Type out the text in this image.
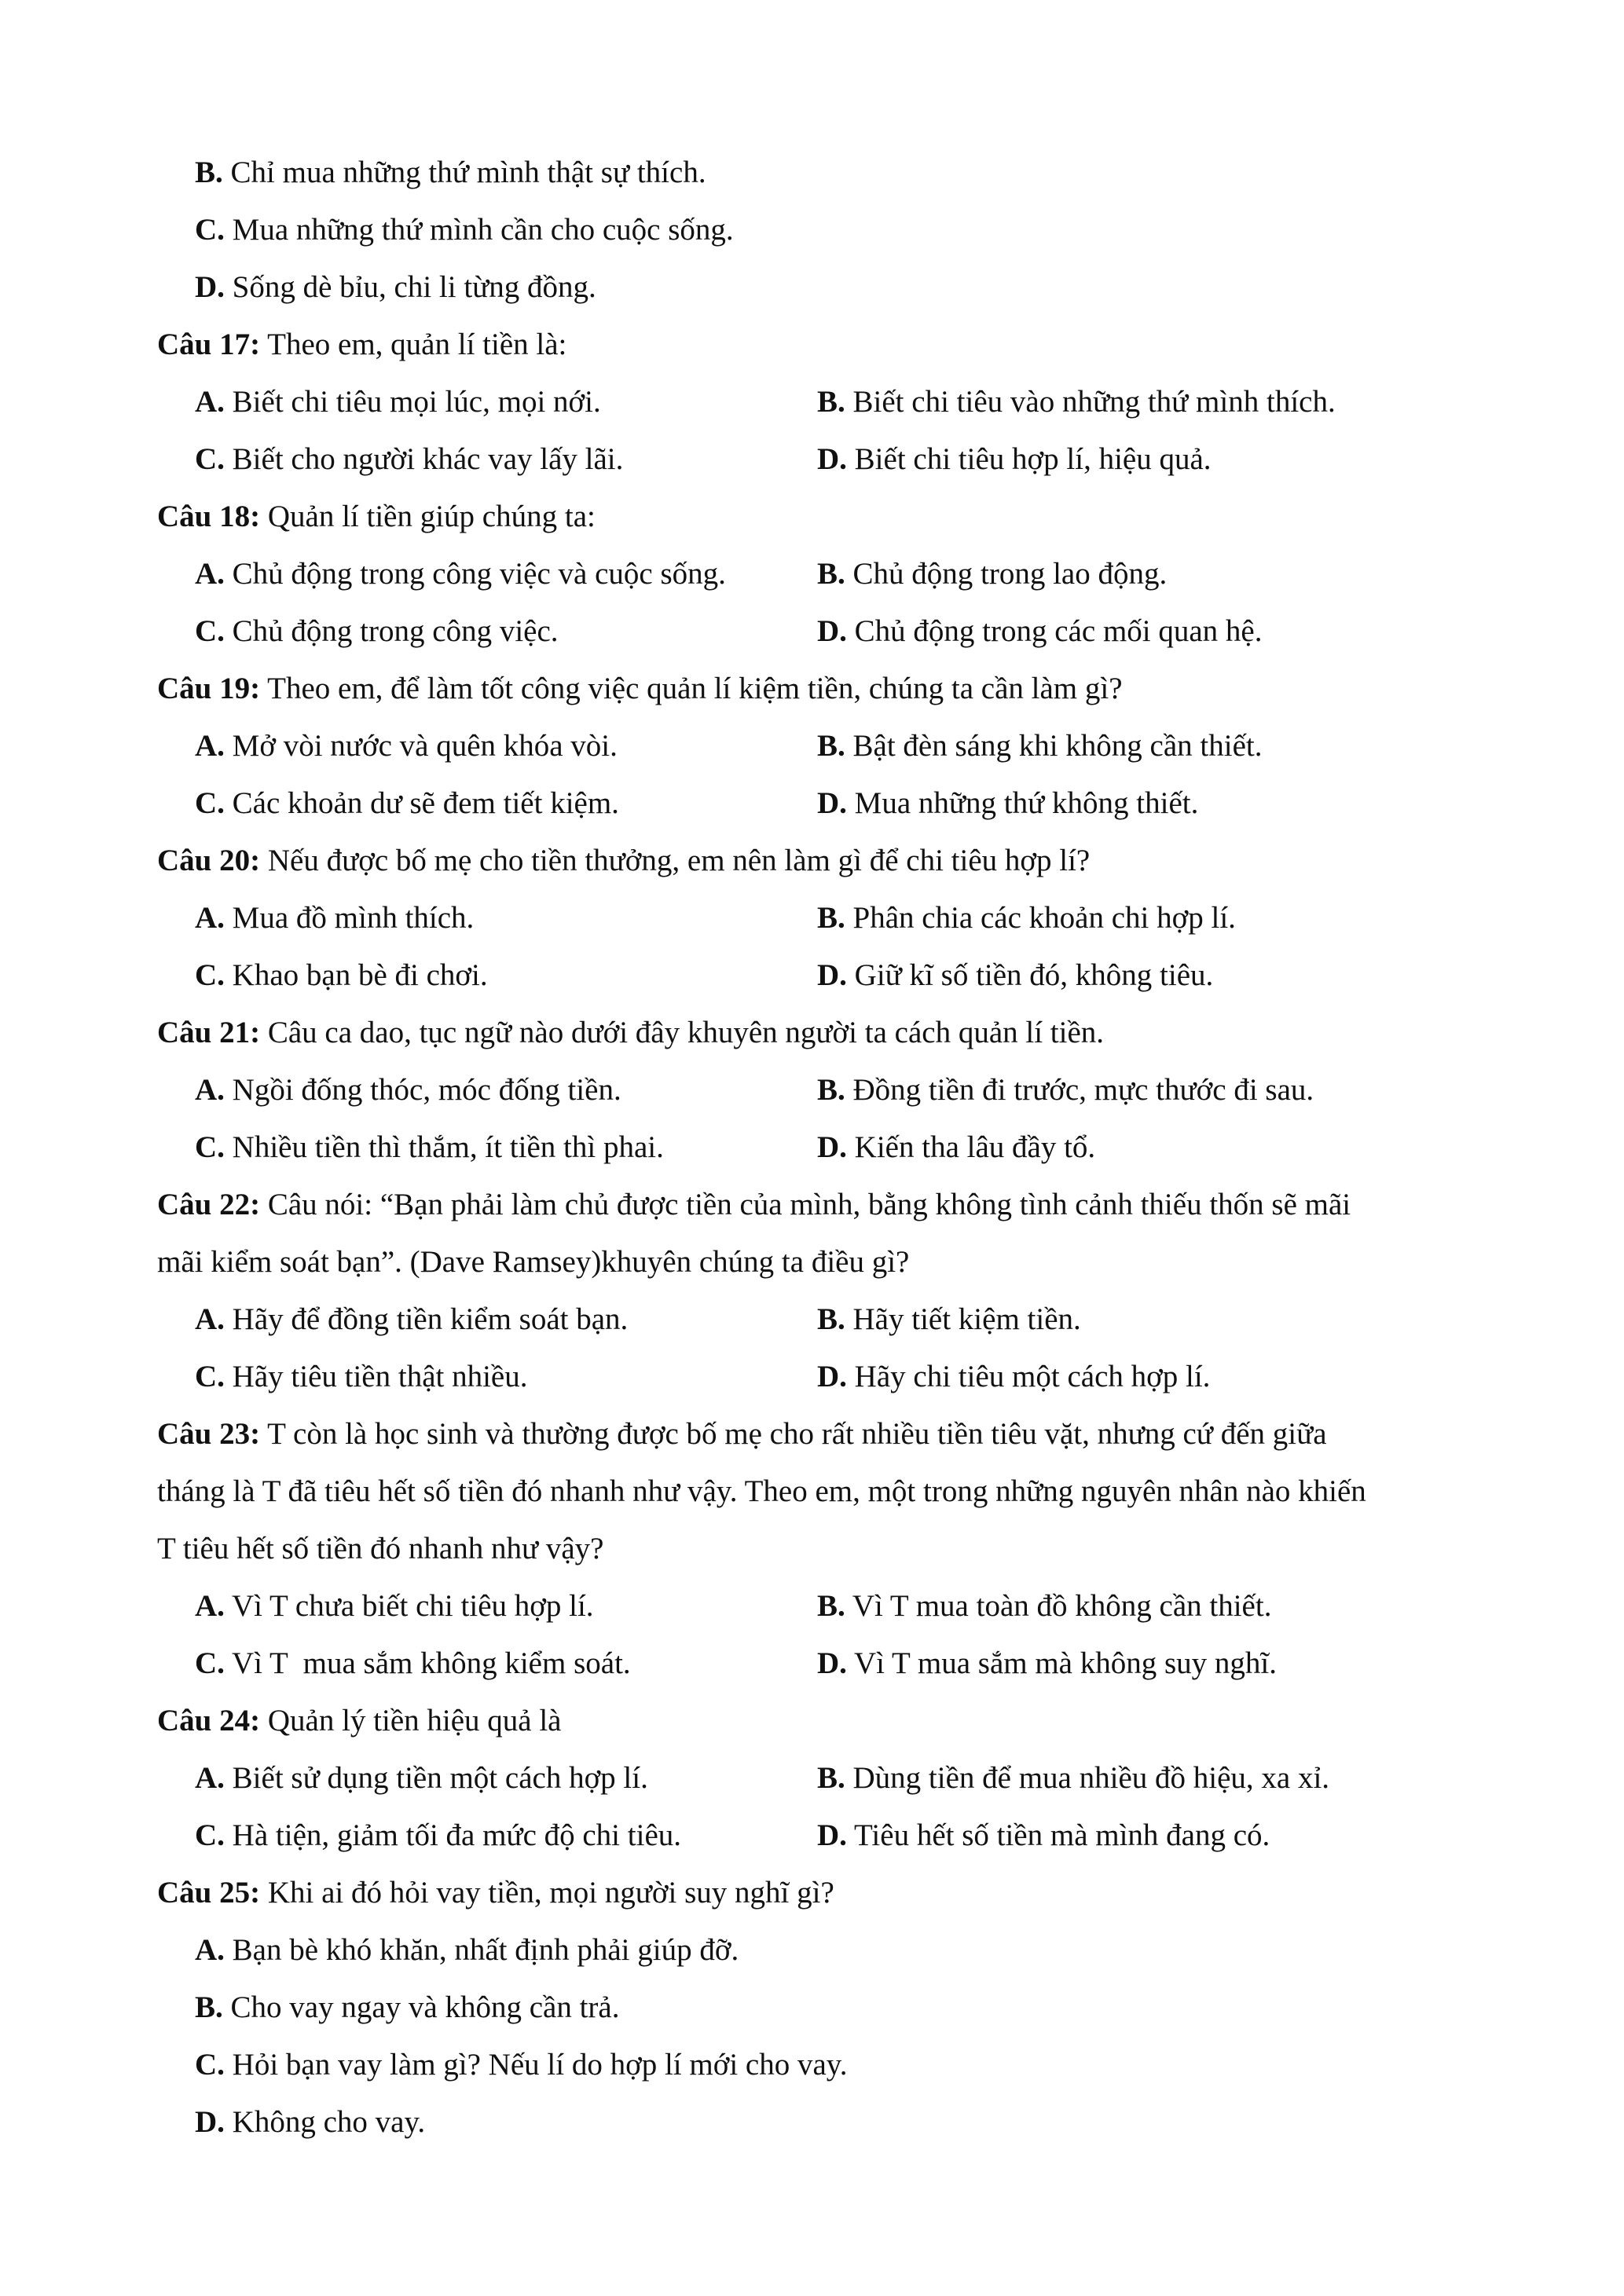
B. Chỉ mua những thứ mình thật sự thích.
C. Mua những thứ mình cần cho cuộc sống.
D. Sống dè bỉu, chi li từng đồng.
Câu 17: Theo em, quản lí tiền là:
A. Biết chi tiêu mọi lúc, mọi nới.	B. Biết chi tiêu vào những thứ mình thích.
C. Biết cho người khác vay lấy lãi.	D. Biết chi tiêu hợp lí, hiệu quả.
Câu 18: Quản lí tiền giúp chúng ta:
A. Chủ động trong công việc và cuộc sống.	B. Chủ động trong lao động.
C. Chủ động trong công việc.	D. Chủ động trong các mối quan hệ.
Câu 19: Theo em, để làm tốt công việc quản lí kiệm tiền, chúng ta cần làm gì?
A. Mở vòi nước và quên khóa vòi.	B. Bật đèn sáng khi không cần thiết.
C. Các khoản dư sẽ đem tiết kiệm.	D. Mua những thứ không thiết.
Câu 20: Nếu được bố mẹ cho tiền thưởng, em nên làm gì để chi tiêu hợp lí?
A. Mua đồ mình thích.	B. Phân chia các khoản chi hợp lí.
C. Khao bạn bè đi chơi.	D. Giữ kĩ số tiền đó, không tiêu.
Câu 21: Câu ca dao, tục ngữ nào dưới đây khuyên người ta cách quản lí tiền.
A. Ngồi đống thóc, móc đống tiền.	B. Đồng tiền đi trước, mực thước đi sau.
C. Nhiều tiền thì thắm, ít tiền thì phai.	D. Kiến tha lâu đầy tổ.
Câu 22: Câu nói: “Bạn phải làm chủ được tiền của mình, bằng không tình cảnh thiếu thốn sẽ mãi
mãi kiểm soát bạn”. (Dave Ramsey)khuyên chúng ta điều gì?
A. Hãy để đồng tiền kiểm soát bạn.	B. Hãy tiết kiệm tiền.
C. Hãy tiêu tiền thật nhiều.	D. Hãy chi tiêu một cách hợp lí.
Câu 23: T còn là học sinh và thường được bố mẹ cho rất nhiều tiền tiêu vặt, nhưng cứ đến giữa
tháng là T đã tiêu hết số tiền đó nhanh như vậy. Theo em, một trong những nguyên nhân nào khiến
T tiêu hết số tiền đó nhanh như vậy?
A. Vì T chưa biết chi tiêu hợp lí.	B. Vì T mua toàn đồ không cần thiết.
C. Vì T  mua sắm không kiểm soát.	D. Vì T mua sắm mà không suy nghĩ.
Câu 24: Quản lý tiền hiệu quả là
A. Biết sử dụng tiền một cách hợp lí.	B. Dùng tiền để mua nhiều đồ hiệu, xa xỉ.
C. Hà tiện, giảm tối đa mức độ chi tiêu.	D. Tiêu hết số tiền mà mình đang có.
Câu 25: Khi ai đó hỏi vay tiền, mọi người suy nghĩ gì?
A. Bạn bè khó khăn, nhất định phải giúp đỡ.
B. Cho vay ngay và không cần trả.
C. Hỏi bạn vay làm gì? Nếu lí do hợp lí mới cho vay.
D. Không cho vay.
